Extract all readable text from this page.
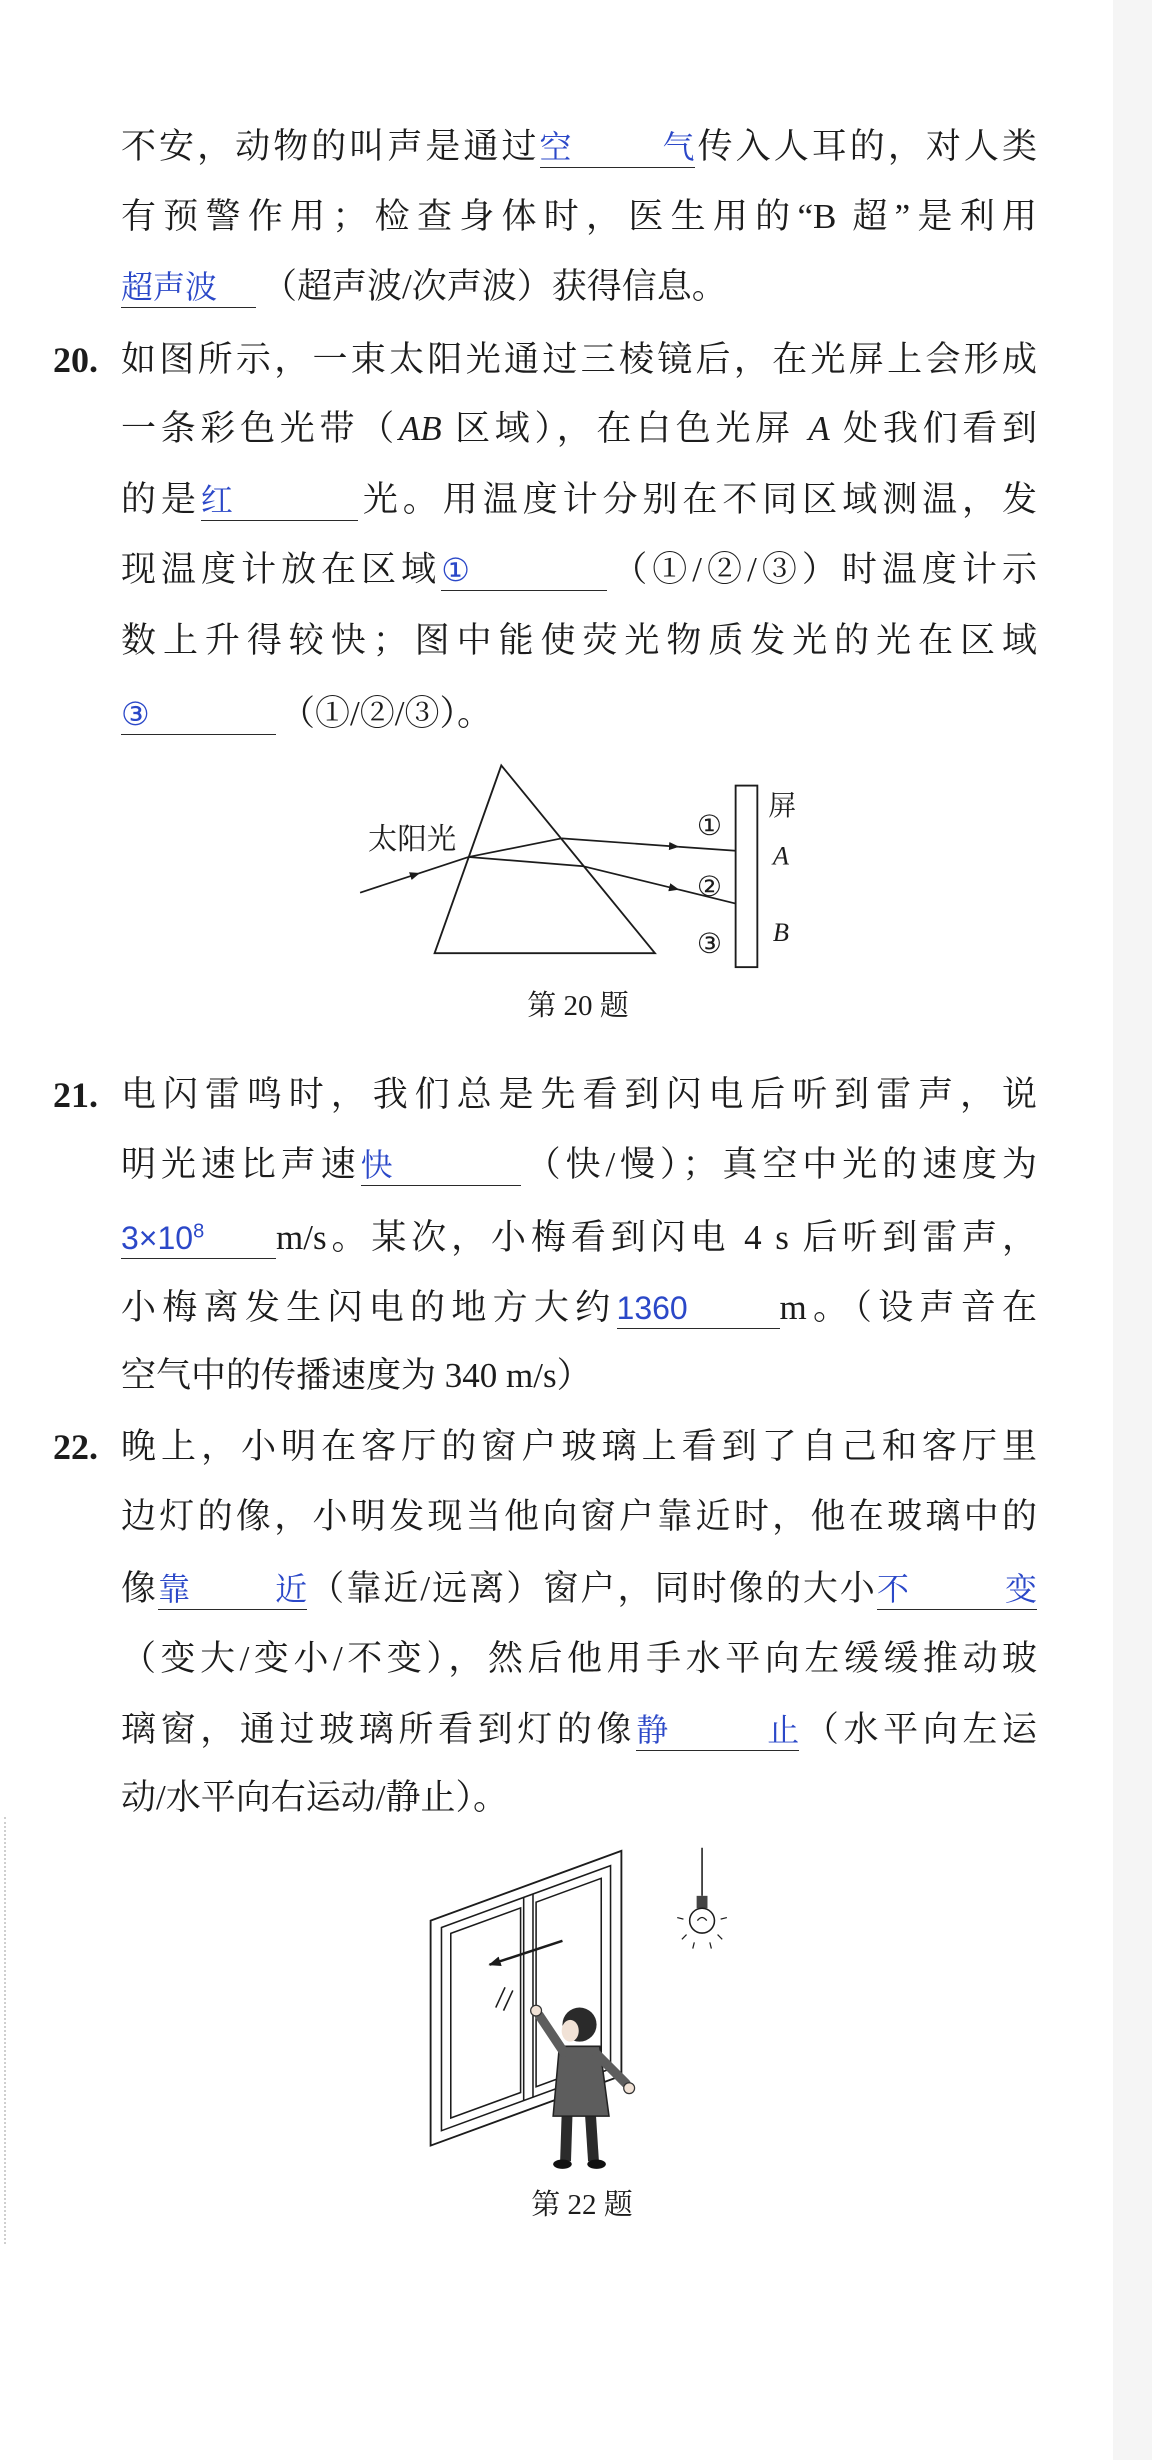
不安，动物的叫声是通过空气传入人耳的，对人类
有预警作用；检查身体时，医生用的“B 超”是利用
超声波 （超声波/次声波）获得信息。
20. 如图所示，一束太阳光通过三棱镜后，在光屏上会形成
一条彩色光带（AB 区域），在白色光屏 A 处我们看到
的是红	光。用温度计分别在不同区域测温，发
现温度计放在区域①	（①/②/③）时温度计示
数上升得较快；图中能使荧光物质发光的光在区域
③	（①/②/③）。
太阳光	①
②
③
屏
A
B
第 20 题
21. 电闪雷鸣时，我们总是先看到闪电后听到雷声，说
明光速比声速快	（快/慢）；真空中光的速度为
$3\times 10^8$ m/s。某次，小梅看到闪电 4 s 后听到雷声，
小梅离发生闪电的地方大约1360	m。（设声音在
空气中的传播速度为 340 m/s）
22. 晚上，小明在客厅的窗户玻璃上看到了自己和客厅里
边灯的像，小明发现当他向窗户靠近时，他在玻璃中的
像靠近（靠近/远离）窗户，同时像的大小不变
（变大/变小/不变），然后他用手水平向左缓缓推动玻
璃窗，通过玻璃所看到灯的像静止（水平向左运
动/水平向右运动/静止）。
第 22 题
